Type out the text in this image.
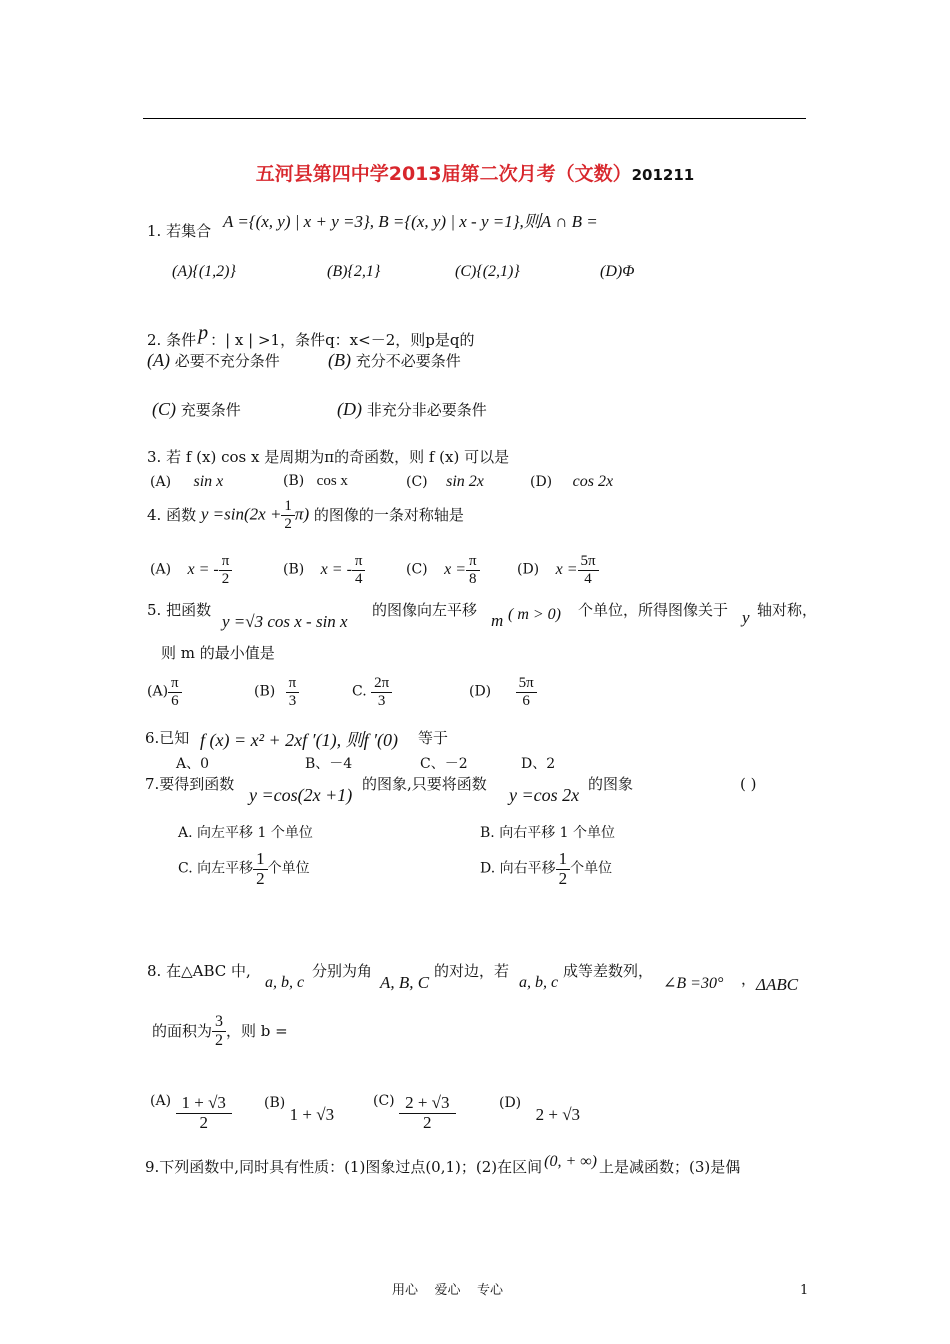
五河县第四中学2013届第二次月考（文数）201211
1. 若集合 A ={(x, y) | x + y =3}, B ={(x, y) | x - y =1},则A ∩ B =
(A){(1,2)}	(B){2,1}	(C){(2,1)}	(D)Φ
2. 条件 p ：| x | >1，条件q：x<－2，则p是q的
(A) 必要不充分条件	(B) 充分不必要条件
(C) 充要条件	(D) 非充分非必要条件
3. 若 f (x) cos x 是周期为π的奇函数，则 f (x) 可以是
(A) sin x	(B) cos x	(C) sin 2x	(D) cos 2x
4. 函数 $y =\sin(2x + \frac{1}{2} \pi)$ 的图像的一条对称轴是
(A) x = - $\frac{\pi}{2}$	(B) x = - $\frac{\pi}{4}$	(C) $x = \frac{\pi}{8}$	(D) $x = \frac{5\pi}{4}$
5. 把函数
y =√3 cos x - sin x
的图像向左平移
m ( m > 0) 个单位，所得图像关于 y 轴对称，
则 m 的最小值是
$(A) \frac{\pi}{6}$	$(B) \frac{\pi}{3}$	C. $\frac{2\pi}{3}$	$(D) \frac{5\pi}{6}$
6.已知 f (x) = x² + 2xf ′(1), 则f ′(0) 等于
A、0	B、－4	C、－2	D、2
7.要得到函数
y =cos(2x +1)
的图象,只要将函数
y =cos 2x
的图象	( )
A. 向左平移 1 个单位	B. 向右平移 1 个单位
C. 向左平移 $\frac{1}{2}$ 个单位	D. 向右平移 $\frac{1}{2}$ 个单位
8. 在△ABC 中,
a, b, c
分别为角
A, B, C
的对边，若
a, b, c
成等差数列，
∠B =30° ， ΔABC
的面积为 $\frac{3}{2}$ ，则 b =
$(A) \frac{1 + √3}{2} (B) 1 + √3$
$(C) \frac{2 + √3}{2}$	(D) 2 + √3
9.下列函数中,同时具有性质：(1)图象过点(0,1)；(2)在区间 (0, + ∞) 上是减函数；(3)是偶
用心    爱心    专心	1
